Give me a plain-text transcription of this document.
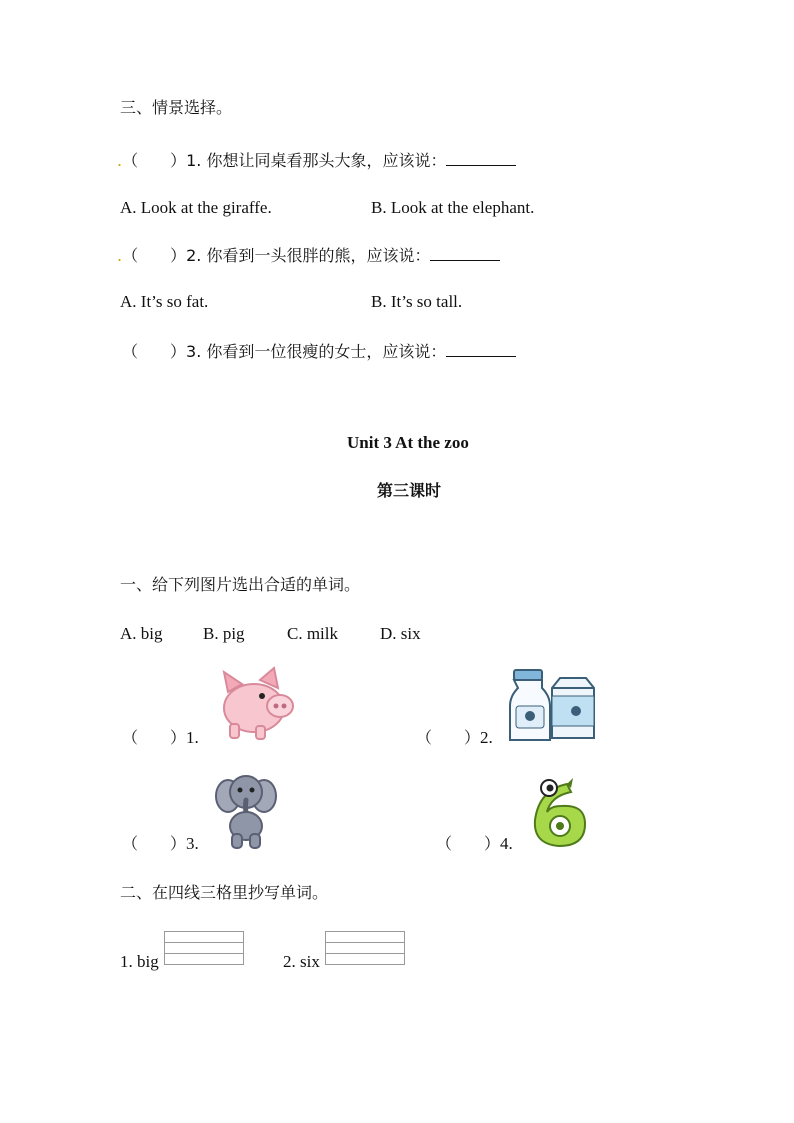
三、情景选择。
.（　　）1. 你想让同桌看那头大象，应该说：
A. Look at the giraffe.	B. Look at the elephant.
.（　　）2. 你看到一头很胖的熊，应该说：
A. It’s so fat.	B. It’s so tall.
（　　）3. 你看到一位很瘦的女士，应该说：
Unit 3 At the zoo
第三课时
一、给下列图片选出合适的单词。
A. big B. pig C. milk D. six
（　　）1.	（　　）2.
（　　）3.	（　　）4.
二、在四线三格里抄写单词。
1. big	2. six
